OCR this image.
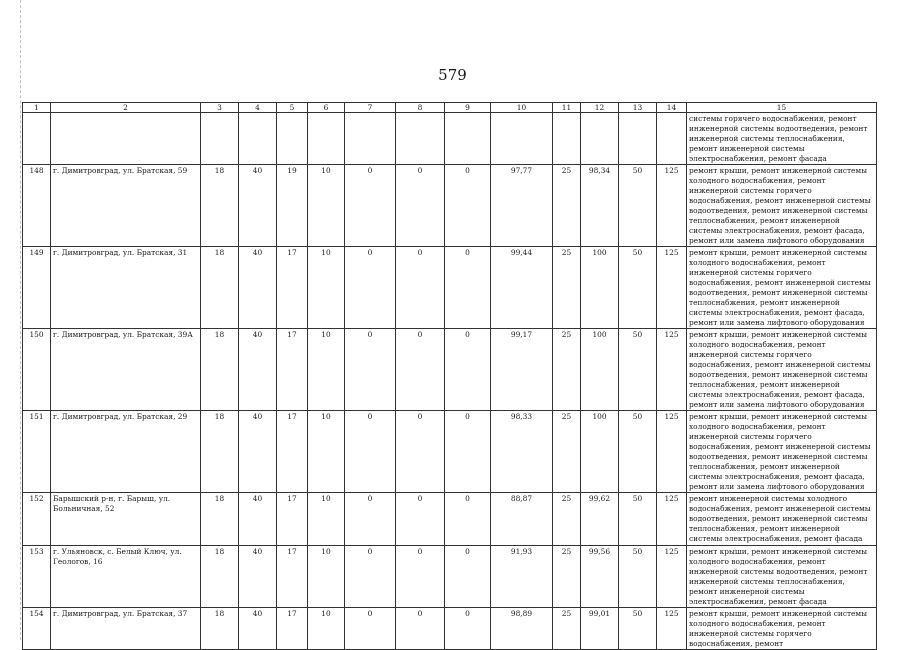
579
1	2	3	4	5	6	7	8	9	10	11	12	13	14	15
														системы горячего водоснабжения, ремонт инженерной системы водоотведения, ремонт инженерной системы теплоснабжения, ремонт инженерной системы электроснабжения, ремонт фасада
148	г. Димитровград, ул. Братская, 59	18	40	19	10	0	0	0	97,77	25	98,34	50	125	ремонт крыши, ремонт инженерной системы холодного водоснабжения, ремонт инженерной системы горячего водоснабжения, ремонт инженерной системы водоотведения, ремонт инженерной системы теплоснабжения, ремонт инженерной системы электроснабжения, ремонт фасада, ремонт или замена лифтового оборудования
149	г. Димитровград, ул. Братская, 31	18	40	17	10	0	0	0	99,44	25	100	50	125	ремонт крыши, ремонт инженерной системы холодного водоснабжения, ремонт инженерной системы горячего водоснабжения, ремонт инженерной системы водоотведения, ремонт инженерной системы теплоснабжения, ремонт инженерной системы электроснабжения, ремонт фасада, ремонт или замена лифтового оборудования
150	г. Димитровград, ул. Братская, 39А	18	40	17	10	0	0	0	99,17	25	100	50	125	ремонт крыши, ремонт инженерной системы холодного водоснабжения, ремонт инженерной системы горячего водоснабжения, ремонт инженерной системы водоотведения, ремонт инженерной системы теплоснабжения, ремонт инженерной системы электроснабжения, ремонт фасада, ремонт или замена лифтового оборудования
151	г. Димитровград, ул. Братская, 29	18	40	17	10	0	0	0	98,33	25	100	50	125	ремонт крыши, ремонт инженерной системы холодного водоснабжения, ремонт инженерной системы горячего водоснабжения, ремонт инженерной системы водоотведения, ремонт инженерной системы теплоснабжения, ремонт инженерной системы электроснабжения, ремонт фасада, ремонт или замена лифтового оборудования
152	Барышский р-н, г. Барыш, ул. Больничная, 52	18	40	17	10	0	0	0	88,87	25	99,62	50	125	ремонт инженерной системы холодного водоснабжения, ремонт инженерной системы водоотведения, ремонт инженерной системы теплоснабжения, ремонт инженерной системы электроснабжения, ремонт фасада
153	г. Ульяновск, с. Белый Ключ, ул. Геологов, 16	18	40	17	10	0	0	0	91,93	25	99,56	50	125	ремонт крыши, ремонт инженерной системы холодного водоснабжения, ремонт инженерной системы водоотведения, ремонт инженерной системы теплоснабжения, ремонт инженерной системы электроснабжения, ремонт фасада
154	г. Димитровград, ул. Братская, 37	18	40	17	10	0	0	0	98,89	25	99,01	50	125	ремонт крыши, ремонт инженерной системы холодного водоснабжения, ремонт инженерной системы горячего водоснабжения, ремонт
